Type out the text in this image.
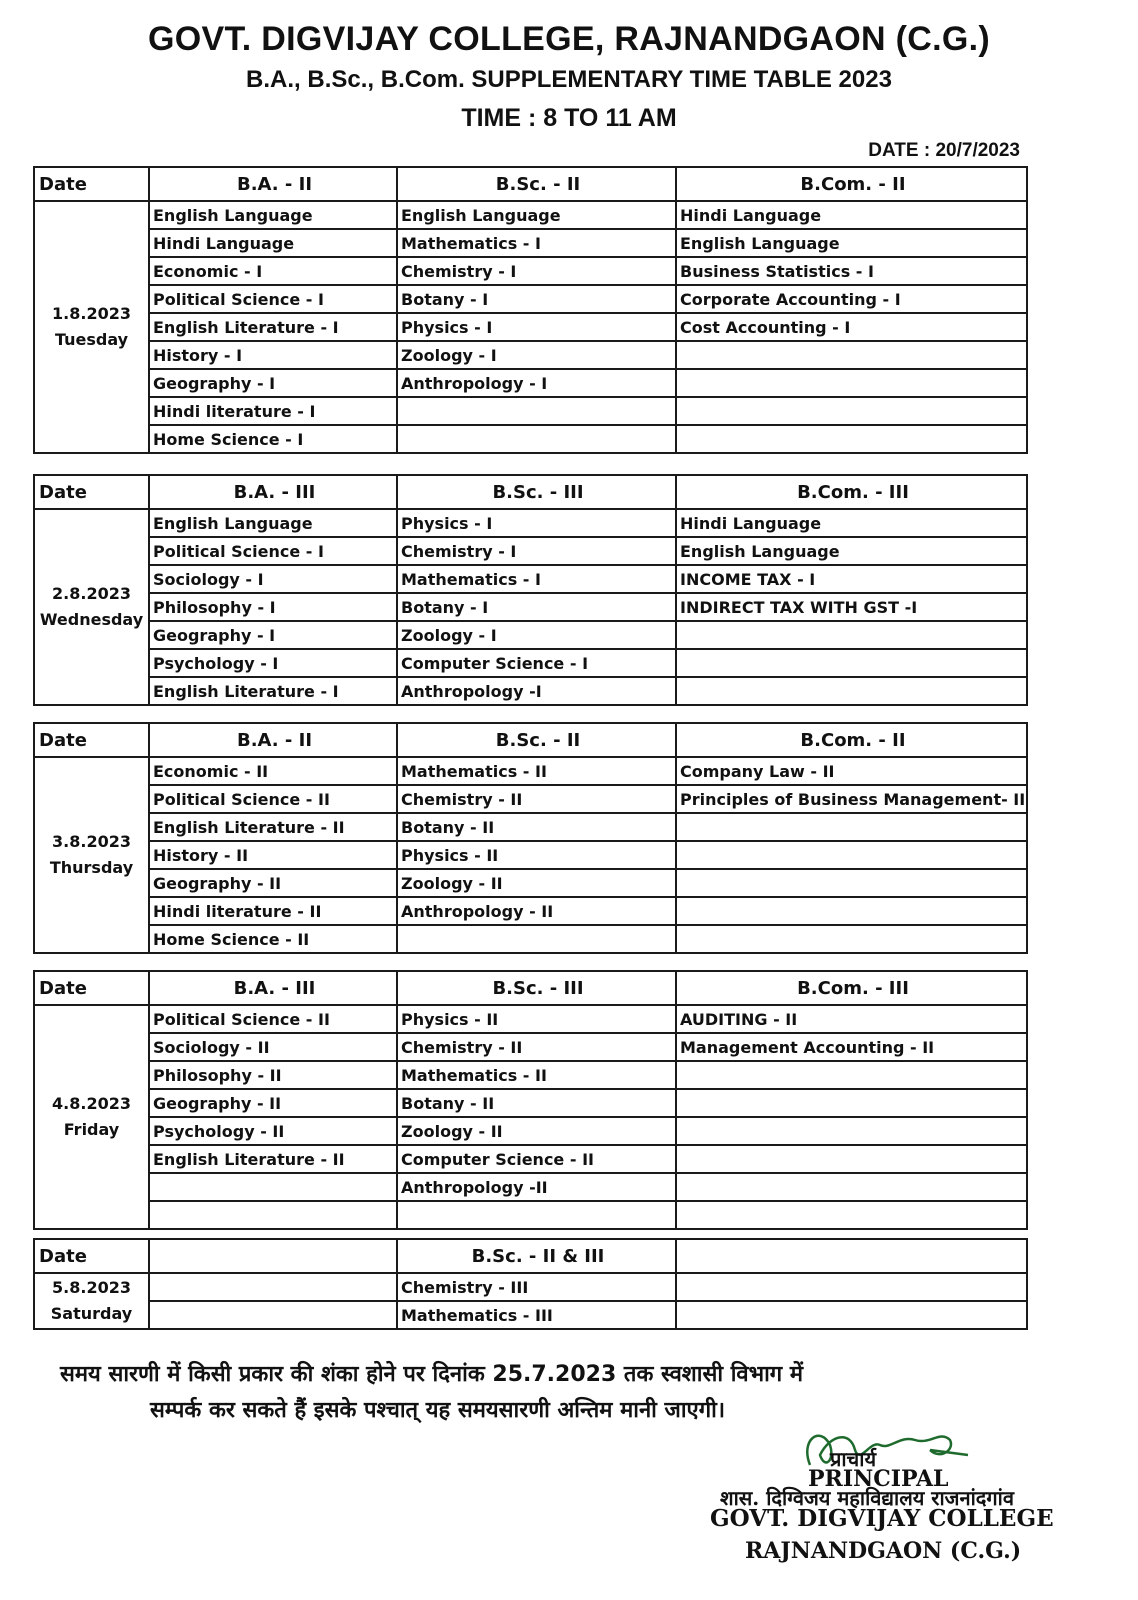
GOVT. DIGVIJAY COLLEGE, RAJNANDGAON (C.G.)
B.A., B.Sc., B.Com. SUPPLEMENTARY TIME TABLE 2023
TIME : 8 TO 11 AM
DATE : 20/7/2023
Date	B.A. - II	B.Sc. - II	B.Com. - II

1.8.2023
Tuesday	English Language	English Language	Hindi Language
	Hindi Language	Mathematics - I	English Language
	Economic - I	Chemistry - I	Business Statistics - I
	Political Science - I	Botany - I	Corporate Accounting - I
	English Literature - I	Physics - I	Cost Accounting - I
	History - I	Zoology - I	
	Geography - I	Anthropology - I	
	Hindi literature - I		
	Home Science - I		
Date	B.A. - III	B.Sc. - III	B.Com. - III

2.8.2023
Wednesday	English Language	Physics - I	Hindi Language
	Political Science - I	Chemistry - I	English Language
	Sociology - I	Mathematics - I	INCOME TAX - I
	Philosophy - I	Botany - I	INDIRECT TAX WITH GST -I
	Geography - I	Zoology - I	
	Psychology - I	Computer Science - I	
	English Literature - I	Anthropology -I	
Date	B.A. - II	B.Sc. - II	B.Com. - II

3.8.2023
Thursday	Economic - II	Mathematics - II	Company Law - II
	Political Science - II	Chemistry - II	Principles of Business Management- II
	English Literature - II	Botany - II	
	History - II	Physics - II	
	Geography - II	Zoology - II	
	Hindi literature - II	Anthropology - II	
	Home Science - II		
Date	B.A. - III	B.Sc. - III	B.Com. - III

4.8.2023
Friday	Political Science - II	Physics - II	AUDITING - II
	Sociology - II	Chemistry - II	Management Accounting - II
	Philosophy - II	Mathematics - II	
	Geography - II	Botany - II	
	Psychology - II	Zoology - II	
	English Literature - II	Computer Science - II	
		Anthropology -II	

Date		B.Sc. - II & III	

5.8.2023
Saturday		Chemistry - III	
		Mathematics - III	
समय सारणी में किसी प्रकार की शंका होने पर दिनांक 25.7.2023 तक स्वशासी विभाग में
सम्पर्क कर सकते हैं इसके पश्चात् यह समयसारणी अन्तिम मानी जाएगी।
प्राचार्य
PRINCIPAL
शास. दिग्विजय महाविद्यालय राजनांदगांव
GOVT. DIGVIJAY COLLEGE
RAJNANDGAON (C.G.)
